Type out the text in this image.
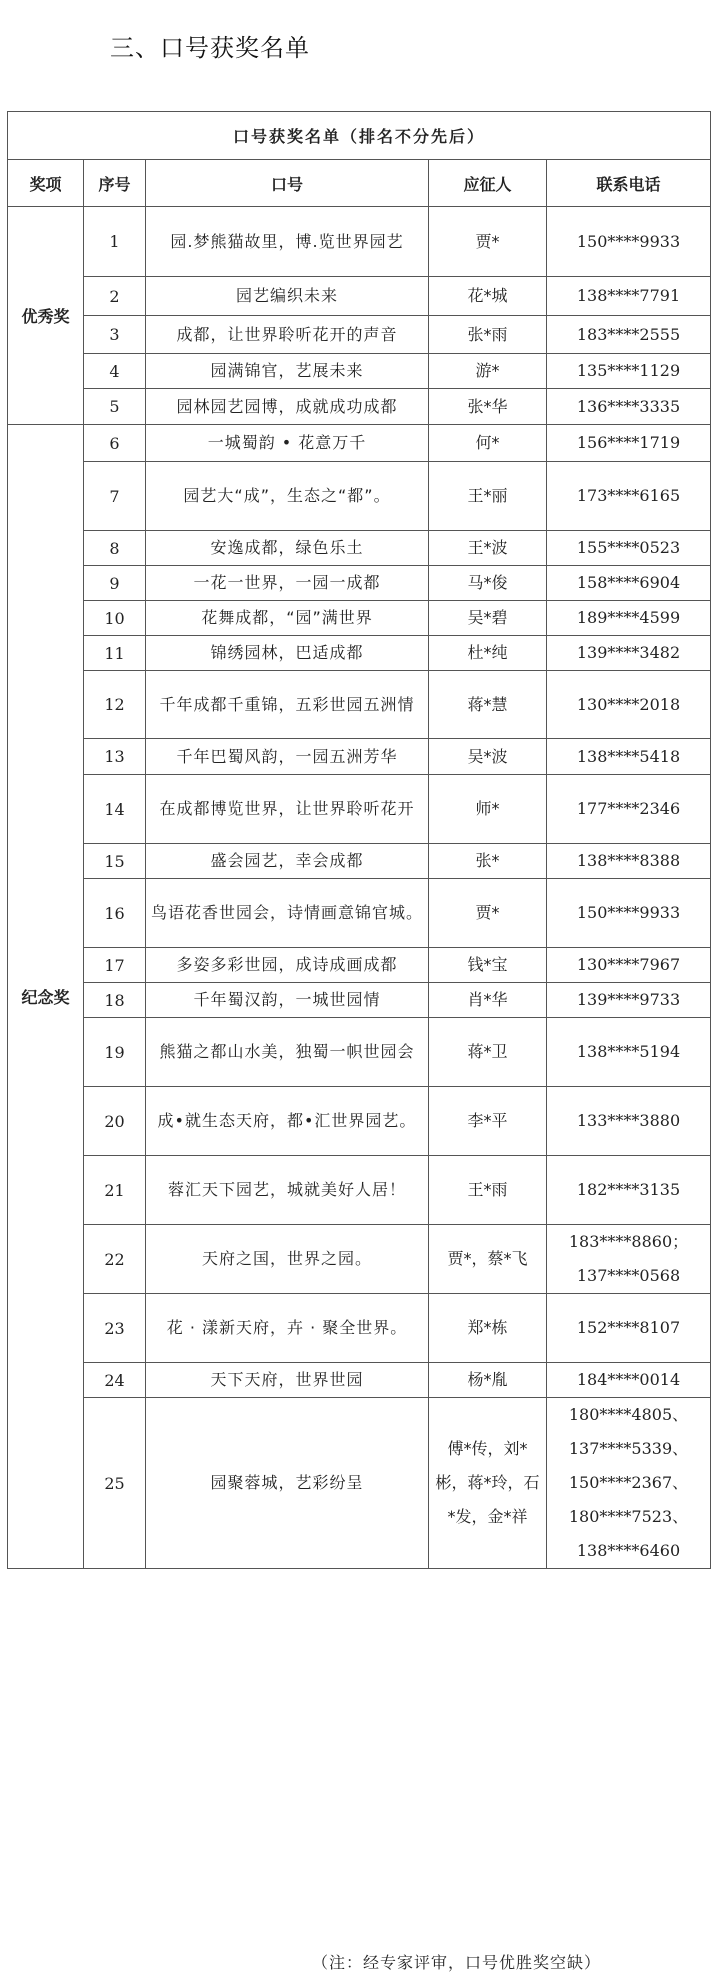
三、口号获奖名单
口号获奖名单（排名不分先后）				
奖项	序号	口号	应征人	联系电话
优秀奖	1	园.梦熊猫故里，博.览世界园艺	贾*	150****9933
	2	园艺编织未来	花*城	138****7791
	3	成都，让世界聆听花开的声音	张*雨	183****2555
	4	园满锦官，艺展未来	游*	135****1129
	5	园林园艺园博，成就成功成都	张*华	136****3335
纪念奖	6	一城蜀韵 • 花意万千	何*	156****1719
	7	园艺大“成”，生态之“都”。	王*丽	173****6165
	8	安逸成都，绿色乐土	王*波	155****0523
	9	一花一世界，一园一成都	马*俊	158****6904
	10	花舞成都，“园”满世界	吴*碧	189****4599
	11	锦绣园林，巴适成都	杜*纯	139****3482
	12	千年成都千重锦，五彩世园五洲情	蒋*慧	130****2018
	13	千年巴蜀风韵，一园五洲芳华	吴*波	138****5418
	14	在成都博览世界，让世界聆听花开	师*	177****2346
	15	盛会园艺，幸会成都	张*	138****8388
	16	鸟语花香世园会，诗情画意锦官城。	贾*	150****9933
	17	多姿多彩世园，成诗成画成都	钱*宝	130****7967
	18	千年蜀汉韵，一城世园情	肖*华	139****9733
	19	熊猫之都山水美，独蜀一帜世园会	蒋*卫	138****5194
	20	成•就生态天府，都•汇世界园艺。	李*平	133****3880
	21	蓉汇天下园艺，城就美好人居！	王*雨	182****3135
	22	天府之国，世界之园。	贾*，蔡*飞	183****8860；
137****0568
	23	花 · 漾新天府，卉 · 聚全世界。	郑*栋	152****8107
	24	天下天府，世界世园	杨*胤	184****0014
	25	园聚蓉城，艺彩纷呈	傅*传，刘*彬，蒋*玲，石*发，金*祥	180****4805、
137****5339、
150****2367、
180****7523、
138****6460
（注：经专家评审，口号优胜奖空缺）
